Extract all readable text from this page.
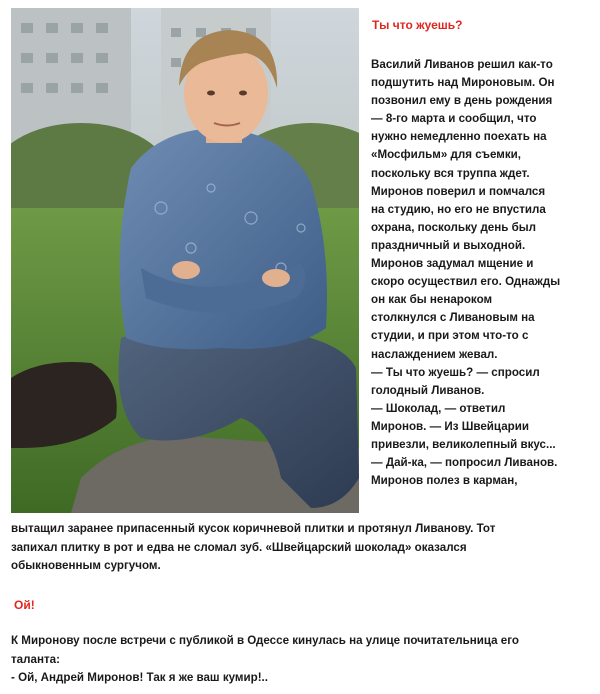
Ты что жуешь?
Василий Ливанов решил как-то
подшутить над Мироновым. Он
позвонил ему в день рождения
— 8-го марта и сообщил, что
нужно немедленно поехать на
«Мосфильм» для съемки,
поскольку вся труппа ждет.
Миронов поверил и помчался
на студию, но его не впустила
охрана, поскольку день был
праздничный и выходной.
Миронов задумал мщение и
скоро осуществил его. Однажды
он как бы ненароком
столкнулся с Ливановым на
студии, и при этом что-то с
наслаждением жевал.
— Ты что жуешь? — спросил
голодный Ливанов.
— Шоколад, — ответил
Миронов. — Из Швейцарии
привезли, великолепный вкус...
— Дай-ка, — попросил Ливанов.
Миронов полез в карман,
вытащил заранее припасенный кусок коричневой плитки и протянул Ливанову. Тот
запихал плитку в рот и едва не сломал зуб. «Швейцарский шоколад» оказался
обыкновенным сургучом.
Ой!
К Миронову после встречи с публикой в Одессе кинулась на улице почитательница его
таланта:
- Ой, Андрей Миронов! Так я же ваш кумир!..
